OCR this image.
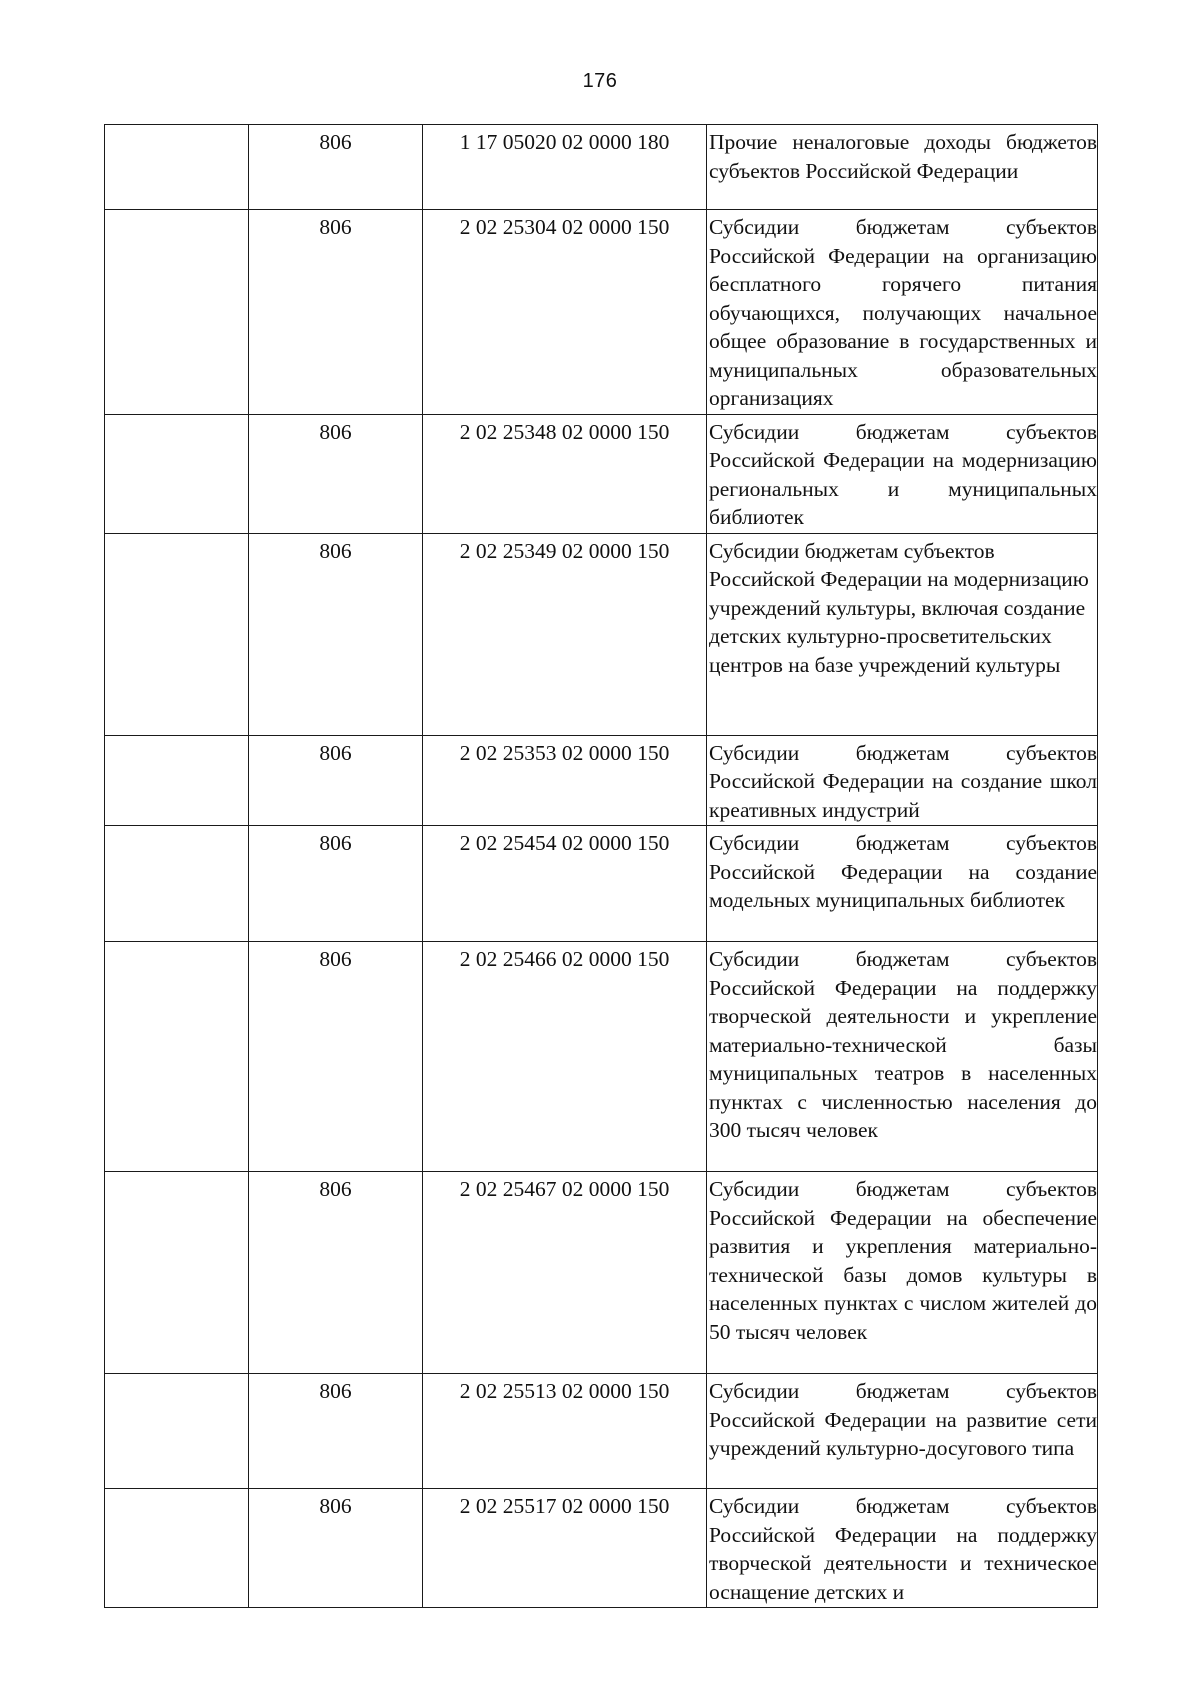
176
	806	1 17 05020 02 0000 180	Прочие неналоговые доходы бюджетов субъектов Российской Федерации
	806	2 02 25304 02 0000 150	Субсидии бюджетам субъектов Российской Федерации на организацию бесплатного горячего питания обучающихся, получающих начальное общее образование в государственных и муниципальных образовательных организациях
	806	2 02 25348 02 0000 150	Субсидии бюджетам субъектов Российской Федерации на модернизацию региональных и муниципальных библиотек
	806	2 02 25349 02 0000 150	Субсидии бюджетам субъектов Российской Федерации на модернизацию учреждений культуры, включая создание детских культурно-просветительских центров на базе учреждений культуры
	806	2 02 25353 02 0000 150	Субсидии бюджетам субъектов Российской Федерации на создание школ креативных индустрий
	806	2 02 25454 02 0000 150	Субсидии бюджетам субъектов Российской Федерации на создание модельных муниципальных библиотек
	806	2 02 25466 02 0000 150	Субсидии бюджетам субъектов Российской Федерации на поддержку творческой деятельности и укрепление материально-технической базы муниципальных театров в населенных пунктах с численностью населения до 300 тысяч человек
	806	2 02 25467 02 0000 150	Субсидии бюджетам субъектов Российской Федерации на обеспечение развития и укрепления материально-технической базы домов культуры в населенных пунктах с числом жителей до 50 тысяч человек
	806	2 02 25513 02 0000 150	Субсидии бюджетам субъектов Российской Федерации на развитие сети учреждений культурно-досугового типа
	806	2 02 25517 02 0000 150	Субсидии бюджетам субъектов Российской Федерации на поддержку творческой деятельности и техническое оснащение детских и
